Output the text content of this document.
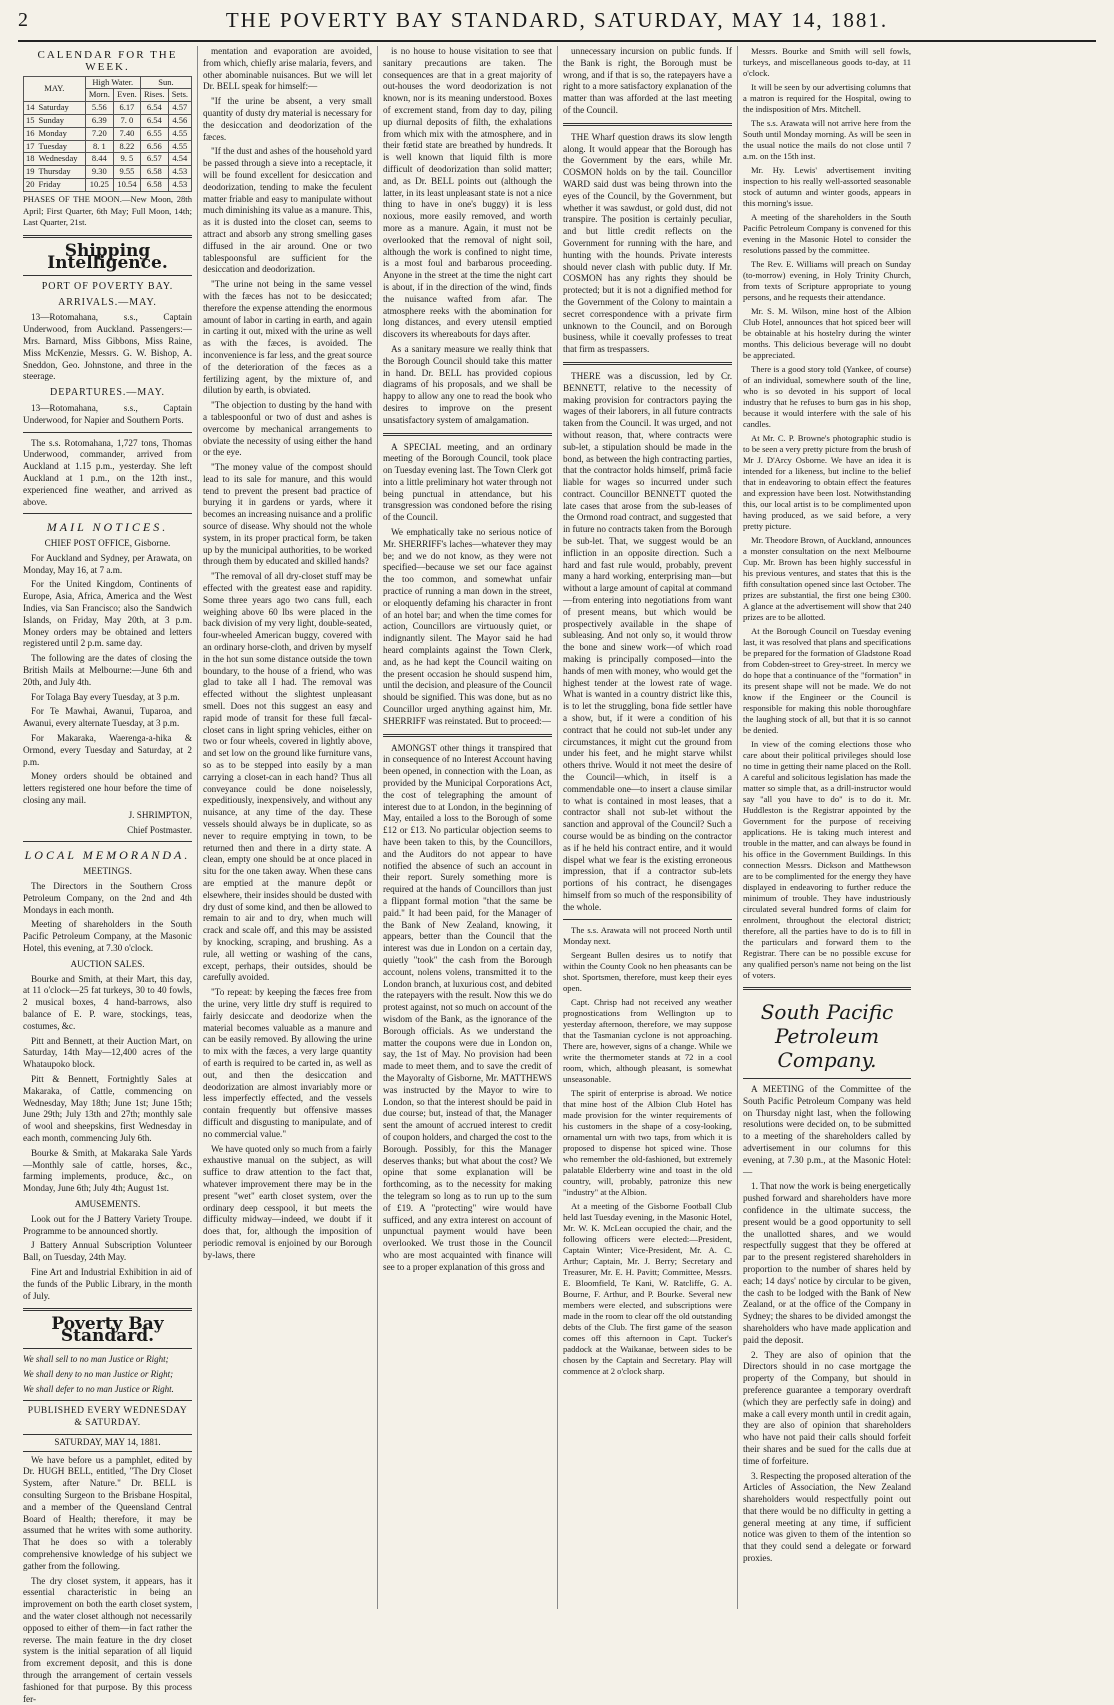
2	THE POVERTY BAY STANDARD, SATURDAY, MAY 14, 1881.
CALENDAR FOR THE WEEK.
MAY.	High Water.		Sun.	
	Morn.	Even.	Rises.	Sets.
14 Saturday	5.56	6.17	6.54	4.57
15 Sunday	6.39	7. 0	6.54	4.56
16 Monday	7.20	7.40	6.55	4.55
17 Tuesday	8. 1	8.22	6.56	4.55
18 Wednesday	8.44	9. 5	6.57	4.54
19 Thursday	9.30	9.55	6.58	4.53
20 Friday	10.25	10.54	6.58	4.53

PHASES OF THE MOON.—New Moon, 28th April; First Quarter, 6th May; Full Moon, 14th; Last Quarter, 21st.

Shipping Intelligence.
PORT OF POVERTY BAY.
ARRIVALS.—MAY.

13—Rotomahana, s.s., Captain Underwood, from Auckland. Passengers:—Mrs. Barnard, Miss Gibbons, Miss Raine, Miss McKenzie, Messrs. G. W. Bishop, A. Sneddon, Geo. Johnstone, and three in the steerage.

DEPARTURES.—MAY.

13—Rotomahana, s.s., Captain Underwood, for Napier and Southern Ports.

The s.s. Rotomahana, 1,727 tons, Thomas Underwood, commander, arrived from Auckland at 1.15 p.m., yesterday. She left Auckland at 1 p.m., on the 12th inst., experienced fine weather, and arrived as above.

MAIL NOTICES.
CHIEF POST OFFICE, Gisborne.

For Auckland and Sydney, per Arawata, on Monday, May 16, at 7 a.m.

For the United Kingdom, Continents of Europe, Asia, Africa, America and the West Indies, via San Francisco; also the Sandwich Islands, on Friday, May 20th, at 3 p.m. Money orders may be obtained and letters registered until 2 p.m. same day.

The following are the dates of closing the British Mails at Melbourne:—June 6th and 20th, and July 4th.

For Tolaga Bay every Tuesday, at 3 p.m.

For Te Mawhai, Awanui, Tuparoa, and Awanui, every alternate Tuesday, at 3 p.m.

For Makaraka, Waerenga-a-hika & Ormond, every Tuesday and Saturday, at 2 p.m.

Money orders should be obtained and letters registered one hour before the time of closing any mail.

J. SHRIMPTON,

Chief Postmaster.

LOCAL MEMORANDA.
MEETINGS.

The Directors in the Southern Cross Petroleum Company, on the 2nd and 4th Mondays in each month.

Meeting of shareholders in the South Pacific Petroleum Company, at the Masonic Hotel, this evening, at 7.30 o'clock.

AUCTION SALES.

Bourke and Smith, at their Mart, this day, at 11 o'clock—25 fat turkeys, 30 to 40 fowls, 2 musical boxes, 4 hand-barrows, also balance of E. P. ware, stockings, teas, costumes, &c.

Pitt and Bennett, at their Auction Mart, on Saturday, 14th May—12,400 acres of the Whataupoko block.

Pitt & Bennett, Fortnightly Sales at Makaraka, of Cattle, commencing on Wednesday, May 18th; June 1st; June 15th; June 29th; July 13th and 27th; monthly sale of wool and sheepskins, first Wednesday in each month, commencing July 6th.

Bourke & Smith, at Makaraka Sale Yards—Monthly sale of cattle, horses, &c., farming implements, produce, &c., on Monday, June 6th; July 4th; August 1st.

AMUSEMENTS.

Look out for the J Battery Variety Troupe. Programme to be announced shortly.

J Battery Annual Subscription Volunteer Ball, on Tuesday, 24th May.

Fine Art and Industrial Exhibition in aid of the funds of the Public Library, in the month of July.

Poverty Bay Standard.

We shall sell to no man Justice or Right;

We shall deny to no man Justice or Right;

We shall defer to no man Justice or Right.

PUBLISHED EVERY WEDNESDAY & SATURDAY.
SATURDAY, MAY 14, 1881.

We have before us a pamphlet, edited by Dr. HUGH BELL, entitled, "The Dry Closet System, after Nature." Dr. BELL is consulting Surgeon to the Brisbane Hospital, and a member of the Queensland Central Board of Health; therefore, it may be assumed that he writes with some authority. That he does so with a tolerably comprehensive knowledge of his subject we gather from the following.

The dry closet system, it appears, has it essential characteristic in being an improvement on both the earth closet system, and the water closet although not necessarily opposed to either of them—in fact rather the reverse. The main feature in the dry closet system is the initial separation of all liquid from excrement deposit, and this is done through the arrangement of certain vessels fashioned for that purpose. By this process fer-

mentation and evaporation are avoided, from which, chiefly arise malaria, fevers, and other abominable nuisances. But we will let Dr. BELL speak for himself:—

"If the urine be absent, a very small quantity of dusty dry material is necessary for the desiccation and deodorization of the fæces.

"If the dust and ashes of the household yard be passed through a sieve into a receptacle, it will be found excellent for desiccation and deodorization, tending to make the feculent matter friable and easy to manipulate without much diminishing its value as a manure. This, as it is dusted into the closet can, seems to attract and absorb any strong smelling gases diffused in the air around. One or two tablespoonsful are sufficient for the desiccation and deodorization.

"The urine not being in the same vessel with the fæces has not to be desiccated; therefore the expense attending the enormous amount of labor in carting in earth, and again in carting it out, mixed with the urine as well as with the fæces, is avoided. The inconvenience is far less, and the great source of the deterioration of the fæces as a fertilizing agent, by the mixture of, and dilution by earth, is obviated.

"The objection to dusting by the hand with a tablespoonful or two of dust and ashes is overcome by mechanical arrangements to obviate the necessity of using either the hand or the eye.

"The money value of the compost should lead to its sale for manure, and this would tend to prevent the present bad practice of burying it in gardens or yards, where it becomes an increasing nuisance and a prolific source of disease. Why should not the whole system, in its proper practical form, be taken up by the municipal authorities, to be worked through them by educated and skilled hands?

"The removal of all dry-closet stuff may be effected with the greatest ease and rapidity. Some three years ago two cans full, each weighing above 60 lbs were placed in the back division of my very light, double-seated, four-wheeled American buggy, covered with an ordinary horse-cloth, and driven by myself in the hot sun some distance outside the town boundary, to the house of a friend, who was glad to take all I had. The removal was effected without the slightest unpleasant smell. Does not this suggest an easy and rapid mode of transit for these full fæcal-closet cans in light spring vehicles, either on two or four wheels, covered in lightly above, and set low on the ground like furniture vans, so as to be stepped into easily by a man carrying a closet-can in each hand? Thus all conveyance could be done noiselessly, expeditiously, inexpensively, and without any nuisance, at any time of the day. These vessels should always be in duplicate, so as never to require emptying in town, to be returned then and there in a dirty state. A clean, empty one should be at once placed in situ for the one taken away. When these cans are emptied at the manure depôt or elsewhere, their insides should be dusted with dry dust of some kind, and then be allowed to remain to air and to dry, when much will crack and scale off, and this may be assisted by knocking, scraping, and brushing. As a rule, all wetting or washing of the cans, except, perhaps, their outsides, should be carefully avoided.

"To repeat: by keeping the fæces free from the urine, very little dry stuff is required to fairly desiccate and deodorize when the material becomes valuable as a manure and can be easily removed. By allowing the urine to mix with the fæces, a very large quantity of earth is required to be carted in, as well as out, and then the desiccation and deodorization are almost invariably more or less imperfectly effected, and the vessels contain frequently but offensive masses difficult and disgusting to manipulate, and of no commercial value."

We have quoted only so much from a fairly exhaustive manual on the subject, as will suffice to draw attention to the fact that, whatever improvement there may be in the present "wet" earth closet system, over the ordinary deep cesspool, it but meets the difficulty midway—indeed, we doubt if it does that, for, although the imposition of periodic removal is enjoined by our Borough by-laws, there

is no house to house visitation to see that sanitary precautions are taken. The consequences are that in a great majority of out-houses the word deodorization is not known, nor is its meaning understood. Boxes of excrement stand, from day to day, piling up diurnal deposits of filth, the exhalations from which mix with the atmosphere, and in their fœtid state are breathed by hundreds. It is well known that liquid filth is more difficult of deodorization than solid matter; and, as Dr. BELL points out (although the latter, in its least unpleasant state is not a nice thing to have in one's buggy) it is less noxious, more easily removed, and worth more as a manure. Again, it must not be overlooked that the removal of night soil, although the work is confined to night time, is a most foul and barbarous proceeding. Anyone in the street at the time the night cart is about, if in the direction of the wind, finds the nuisance wafted from afar. The atmosphere reeks with the abomination for long distances, and every utensil emptied discovers its whereabouts for days after.

As a sanitary measure we really think that the Borough Council should take this matter in hand. Dr. BELL has provided copious diagrams of his proposals, and we shall be happy to allow any one to read the book who desires to improve on the present unsatisfactory system of amalgamation.

A SPECIAL meeting, and an ordinary meeting of the Borough Council, took place on Tuesday evening last. The Town Clerk got into a little preliminary hot water through not being punctual in attendance, but his transgression was condoned before the rising of the Council.

We emphatically take no serious notice of Mr. SHERRIFF's laches—whatever they may be; and we do not know, as they were not specified—because we set our face against the too common, and somewhat unfair practice of running a man down in the street, or eloquently defaming his character in front of an hotel bar; and when the time comes for action, Councillors are virtuously quiet, or indignantly silent. The Mayor said he had heard complaints against the Town Clerk, and, as he had kept the Council waiting on the present occasion he should suspend him, until the decision, and pleasure of the Council should be signified. This was done, but as no Councillor urged anything against him, Mr. SHERRIFF was reinstated. But to proceed:—

AMONGST other things it transpired that in consequence of no Interest Account having been opened, in connection with the Loan, as provided by the Municipal Corporations Act, the cost of telegraphing the amount of interest due to at London, in the beginning of May, entailed a loss to the Borough of some £12 or £13. No particular objection seems to have been taken to this, by the Councillors, and the Auditors do not appear to have notified the absence of such an account in their report. Surely something more is required at the hands of Councillors than just a flippant formal motion "that the same be paid." It had been paid, for the Manager of the Bank of New Zealand, knowing, it appears, better than the Council that the interest was due in London on a certain day, quietly "took" the cash from the Borough account, nolens volens, transmitted it to the London branch, at luxurious cost, and debited the ratepayers with the result. Now this we do protest against, not so much on account of the wisdom of the Bank, as the ignorance of the Borough officials. As we understand the matter the coupons were due in London on, say, the 1st of May. No provision had been made to meet them, and to save the credit of the Mayoralty of Gisborne, Mr. MATTHEWS was instructed by the Mayor to wire to London, so that the interest should be paid in due course; but, instead of that, the Manager sent the amount of accrued interest to credit of coupon holders, and charged the cost to the Borough. Possibly, for this the Manager deserves thanks; but what about the cost? We opine that some explanation will be forthcoming, as to the necessity for making the telegram so long as to run up to the sum of £19. A "protecting" wire would have sufficed, and any extra interest on account of unpunctual payment would have been overlooked. We trust those in the Council who are most acquainted with finance will see to a proper explanation of this gross and

unnecessary incursion on public funds. If the Bank is right, the Borough must be wrong, and if that is so, the ratepayers have a right to a more satisfactory explanation of the matter than was afforded at the last meeting of the Council.

THE Wharf question draws its slow length along. It would appear that the Borough has the Government by the ears, while Mr. COSMON holds on by the tail. Councillor WARD said dust was being thrown into the eyes of the Council, by the Government, but whether it was sawdust, or gold dust, did not transpire. The position is certainly peculiar, and but little credit reflects on the Government for running with the hare, and hunting with the hounds. Private interests should never clash with public duty. If Mr. COSMON has any rights they should be protected; but it is not a dignified method for the Government of the Colony to maintain a secret correspondence with a private firm unknown to the Council, and on Borough business, while it coevally professes to treat that firm as trespassers.

THERE was a discussion, led by Cr. BENNETT, relative to the necessity of making provision for contractors paying the wages of their laborers, in all future contracts taken from the Council. It was urged, and not without reason, that, where contracts were sub-let, a stipulation should be made in the bond, as between the high contracting parties, that the contractor holds himself, primâ facie liable for wages so incurred under such contract. Councillor BENNETT quoted the late cases that arose from the sub-leases of the Ormond road contract, and suggested that in future no contracts taken from the Borough be sub-let. That, we suggest would be an infliction in an opposite direction. Such a hard and fast rule would, probably, prevent many a hard working, enterprising man—but without a large amount of capital at command—from entering into negotiations from want of present means, but which would be prospectively available in the shape of subleasing. And not only so, it would throw the bone and sinew work—of which road making is principally composed—into the hands of men with money, who would get the highest tender at the lowest rate of wage. What is wanted in a country district like this, is to let the struggling, bona fide settler have a show, but, if it were a condition of his contract that he could not sub-let under any circumstances, it might cut the ground from under his feet, and he might starve whilst others thrive. Would it not meet the desire of the Council—which, in itself is a commendable one—to insert a clause similar to what is contained in most leases, that a contractor shall not sub-let without the sanction and approval of the Council? Such a course would be as binding on the contractor as if he held his contract entire, and it would dispel what we fear is the existing erroneous impression, that if a contractor sub-lets portions of his contract, he disengages himself from so much of the responsibility of the whole.

The s.s. Arawata will not proceed North until Monday next.

Sergeant Bullen desires us to notify that within the County Cook no hen pheasants can be shot. Sportsmen, therefore, must keep their eyes open.

Capt. Chrisp had not received any weather prognostications from Wellington up to yesterday afternoon, therefore, we may suppose that the Tasmanian cyclone is not approaching. There are, however, signs of a change. While we write the thermometer stands at 72 in a cool room, which, although pleasant, is somewhat unseasonable.

The spirit of enterprise is abroad. We notice that mine host of the Albion Club Hotel has made provision for the winter requirements of his customers in the shape of a cosy-looking, ornamental urn with two taps, from which it is proposed to dispense hot spiced wine. Those who remember the old-fashioned, but extremely palatable Elderberry wine and toast in the old country, will, probably, patronize this new "industry" at the Albion.

At a meeting of the Gisborne Football Club held last Tuesday evening, in the Masonic Hotel, Mr. W. K. McLean occupied the chair, and the following officers were elected:—President, Captain Winter; Vice-President, Mr. A. C. Arthur; Captain, Mr. J. Berry; Secretary and Treasurer, Mr. E. H. Pavitt; Committee, Messrs. E. Bloomfield, Te Kani, W. Ratcliffe, G. A. Bourne, F. Arthur, and P. Bourke. Several new members were elected, and subscriptions were made in the room to clear off the old outstanding debts of the Club. The first game of the season comes off this afternoon in Capt. Tucker's paddock at the Waikanae, between sides to be chosen by the Captain and Secretary. Play will commence at 2 o'clock sharp.

Messrs. Bourke and Smith will sell fowls, turkeys, and miscellaneous goods to-day, at 11 o'clock.

It will be seen by our advertising columns that a matron is required for the Hospital, owing to the indisposition of Mrs. Mitchell.

The s.s. Arawata will not arrive here from the South until Monday morning. As will be seen in the usual notice the mails do not close until 7 a.m. on the 15th inst.

Mr. Hy. Lewis' advertisement inviting inspection to his really well-assorted seasonable stock of autumn and winter goods, appears in this morning's issue.

A meeting of the shareholders in the South Pacific Petroleum Company is convened for this evening in the Masonic Hotel to consider the resolutions passed by the committee.

The Rev. E. Williams will preach on Sunday (to-morrow) evening, in Holy Trinity Church, from texts of Scripture appropriate to young persons, and he requests their attendance.

Mr. S. M. Wilson, mine host of the Albion Club Hotel, announces that hot spiced beer will be obtainable at his hostelry during the winter months. This delicious beverage will no doubt be appreciated.

There is a good story told (Yankee, of course) of an individual, somewhere south of the line, who is so devoted in his support of local industry that he refuses to burn gas in his shop, because it would interfere with the sale of his candles.

At Mr. C. P. Browne's photographic studio is to be seen a very pretty picture from the brush of Mr J. D'Arcy Osborne. We have an idea it is intended for a likeness, but incline to the belief that in endeavoring to obtain effect the features and expression have been lost. Notwithstanding this, our local artist is to be complimented upon having produced, as we said before, a very pretty picture.

Mr. Theodore Brown, of Auckland, announces a monster consultation on the next Melbourne Cup. Mr. Brown has been highly successful in his previous ventures, and states that this is the fifth consultation opened since last October. The prizes are substantial, the first one being £300. A glance at the advertisement will show that 240 prizes are to be allotted.

At the Borough Council on Tuesday evening last, it was resolved that plans and specifications be prepared for the formation of Gladstone Road from Cobden-street to Grey-street. In mercy we do hope that a continuance of the "formation" in its present shape will not be made. We do not know if the Engineer or the Council is responsible for making this noble thoroughfare the laughing stock of all, but that it is so cannot be denied.

In view of the coming elections those who care about their political privileges should lose no time in getting their name placed on the Roll. A careful and solicitous legislation has made the matter so simple that, as a drill-instructor would say "all you have to do" is to do it. Mr. Huddleston is the Registrar appointed by the Government for the purpose of receiving applications. He is taking much interest and trouble in the matter, and can always be found in his office in the Government Buildings. In this connection Messrs. Dickson and Matthewson are to be complimented for the energy they have displayed in endeavoring to further reduce the minimum of trouble. They have industriously circulated several hundred forms of claim for enrolment, throughout the electoral district; therefore, all the parties have to do is to fill in the particulars and forward them to the Registrar. There can be no possible excuse for any qualified person's name not being on the list of voters.

South Pacific Petroleum Company.

A MEETING of the Committee of the South Pacific Petroleum Company was held on Thursday night last, when the following resolutions were decided on, to be submitted to a meeting of the shareholders called by advertisement in our columns for this evening, at 7.30 p.m., at the Masonic Hotel:—

1. That now the work is being energetically pushed forward and shareholders have more confidence in the ultimate success, the present would be a good opportunity to sell the unallotted shares, and we would respectfully suggest that they be offered at par to the present registered shareholders in proportion to the number of shares held by each; 14 days' notice by circular to be given, the cash to be lodged with the Bank of New Zealand, or at the office of the Company in Sydney; the shares to be divided amongst the shareholders who have made application and paid the deposit.

2. They are also of opinion that the Directors should in no case mortgage the property of the Company, but should in preference guarantee a temporary overdraft (which they are perfectly safe in doing) and make a call every month until in credit again, they are also of opinion that shareholders who have not paid their calls should forfeit their shares and be sued for the calls due at time of forfeiture.

3. Respecting the proposed alteration of the Articles of Association, the New Zealand shareholders would respectfully point out that there would be no difficulty in getting a general meeting at any time, if sufficient notice was given to them of the intention so that they could send a delegate or forward proxies.
